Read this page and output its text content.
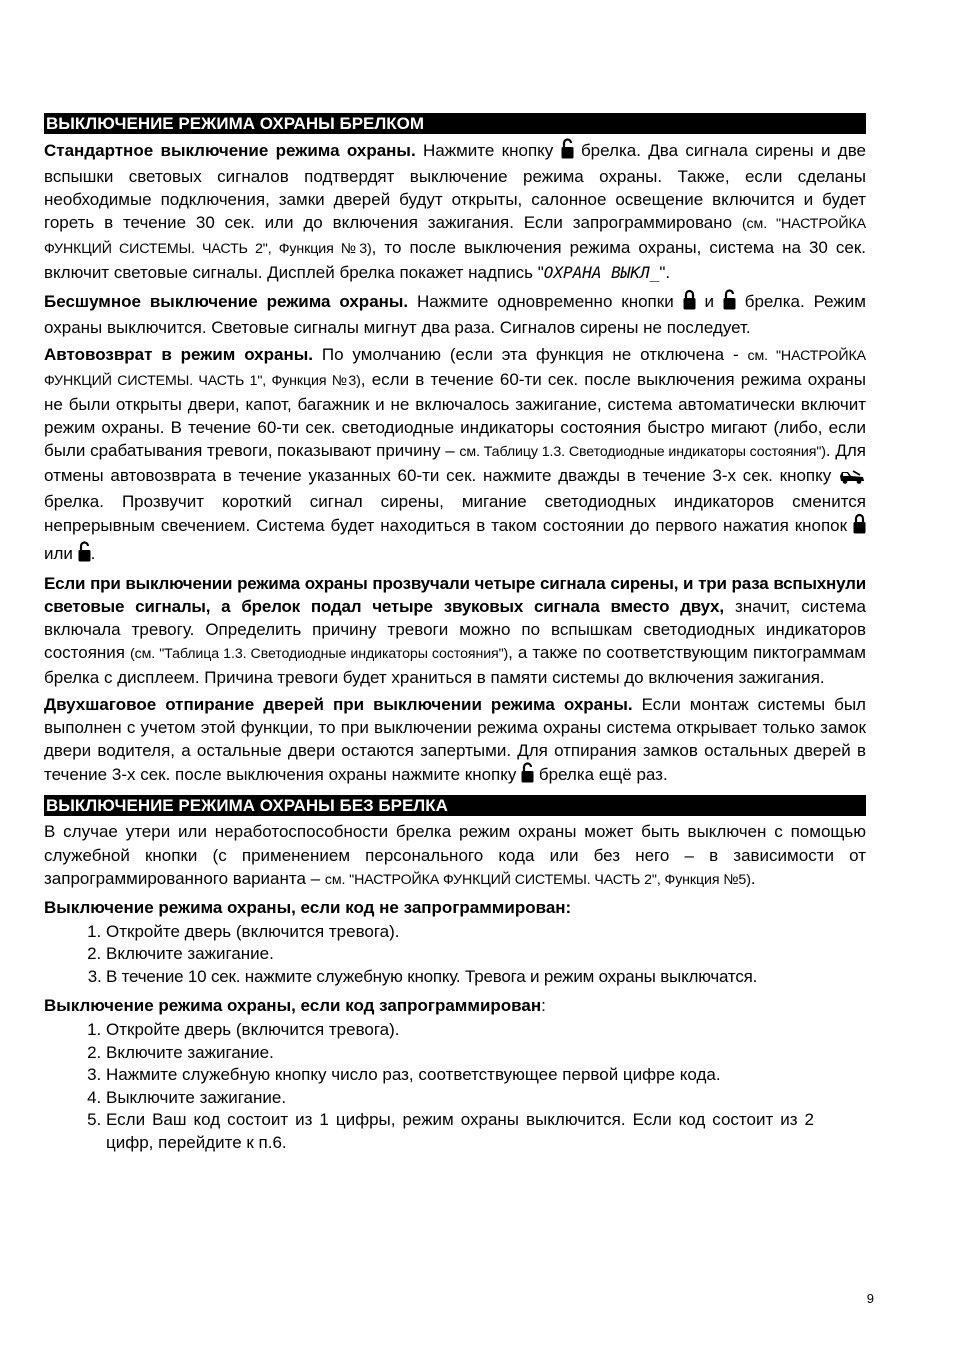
ВЫКЛЮЧЕНИЕ РЕЖИМА ОХРАНЫ БРЕЛКОМ

Стандартное выключение режима охраны. Нажмите кнопку  брелка. Два сигнала сирены и две вспышки световых сигналов подтвердят выключение режима охраны. Также, если сделаны необходимые подключения, замки дверей будут открыты, салонное освещение включится и будет гореть в течение 30 сек. или до включения зажигания. Если запрограммировано (см. "НАСТРОЙКА ФУНКЦИЙ СИСТЕМЫ. ЧАСТЬ 2", Функция №3), то после выключения режима охраны, система на 30 сек. включит световые сигналы. Дисплей брелка покажет надпись "ОХРАНА ВЫКЛ_".

Бесшумное выключение режима охраны. Нажмите одновременно кнопки  и  брелка. Режим охраны выключится. Световые сигналы мигнут два раза. Сигналов сирены не последует.

Автовозврат в режим охраны. По умолчанию (если эта функция не отключена - см. "НАСТРОЙКА ФУНКЦИЙ СИСТЕМЫ. ЧАСТЬ 1", Функция №3), если в течение 60-ти сек. после выключения режима охраны не были открыты двери, капот, багажник и не включалось зажигание, система автоматически включит режим охраны. В течение 60-ти сек. светодиодные индикаторы состояния быстро мигают (либо, если были срабатывания тревоги, показывают причину – см. Таблицу 1.3. Светодиодные индикаторы состояния"). Для отмены автовозврата в течение указанных 60-ти сек. нажмите дважды в течение 3-х сек. кнопку  брелка. Прозвучит короткий сигнал сирены, мигание светодиодных индикаторов сменится непрерывным свечением. Система будет находиться в таком состоянии до первого нажатия кнопок  или .

Если при выключении режима охраны прозвучали четыре сигнала сирены, и три раза вспыхнули световые сигналы, а брелок подал четыре звуковых сигнала вместо двух, значит, система включала тревогу. Определить причину тревоги можно по вспышкам светодиодных индикаторов состояния (см. "Таблица 1.3. Светодиодные индикаторы состояния"), а также по соответствующим пиктограммам брелка с дисплеем. Причина тревоги будет храниться в памяти системы до включения зажигания.

Двухшаговое отпирание дверей при выключении режима охраны. Если монтаж системы был выполнен с учетом этой функции, то при выключении режима охраны система открывает только замок двери водителя, а остальные двери остаются запертыми. Для отпирания замков остальных дверей в течение 3-х сек. после выключения охраны нажмите кнопку  брелка ещё раз.

ВЫКЛЮЧЕНИЕ РЕЖИМА ОХРАНЫ БЕЗ БРЕЛКА

В случае утери или неработоспособности брелка режим охраны может быть выключен с помощью служебной кнопки (с применением персонального кода или без него – в зависимости от запрограммированного варианта – см. "НАСТРОЙКА ФУНКЦИЙ СИСТЕМЫ. ЧАСТЬ 2", Функция №5).

Выключение режима охраны, если код не запрограммирован:
1. Откройте дверь (включится тревога).
2. Включите зажигание.
3. В течение 10 сек. нажмите служебную кнопку. Тревога и режим охраны выключатся.
Выключение режима охраны, если код запрограммирован:
1. Откройте дверь (включится тревога).
2. Включите зажигание.
3. Нажмите служебную кнопку число раз, соответствующее первой цифре кода.
4. Выключите зажигание.
5. Если Ваш код состоит из 1 цифры, режим охраны выключится. Если код состоит из 2 цифр, перейдите к п.6.
9
